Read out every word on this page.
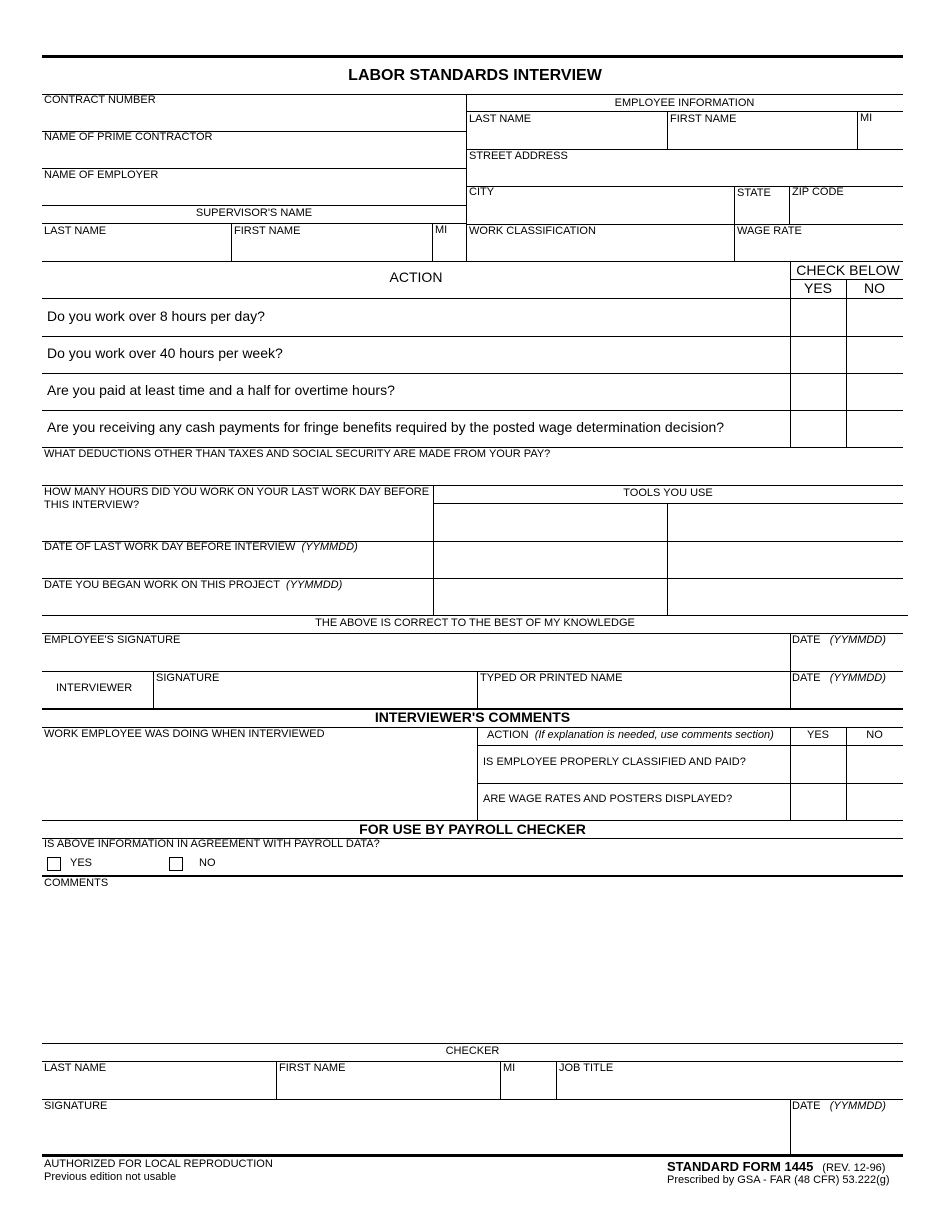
LABOR STANDARDS INTERVIEW
CONTRACT NUMBER
NAME OF PRIME CONTRACTOR
NAME OF EMPLOYER
SUPERVISOR'S NAME
LAST NAME	FIRST NAME	MI
EMPLOYEE INFORMATION
LAST NAME	FIRST NAME	MI
STREET ADDRESS
CITY	STATE ZIP CODE
WORK CLASSIFICATION	WAGE RATE
ACTION	CHECK BELOW
YES	NO
Do you work over 8 hours per day?
Do you work over 40 hours per week?
Are you paid at least time and a half for overtime hours?
Are you receiving any cash payments for fringe benefits required by the posted wage determination decision?
WHAT DEDUCTIONS OTHER THAN TAXES AND SOCIAL SECURITY ARE MADE FROM YOUR PAY?
HOW MANY HOURS DID YOU WORK ON YOUR LAST WORK DAY BEFORE
THIS INTERVIEW?
TOOLS YOU USE
DATE OF LAST WORK DAY BEFORE INTERVIEW (YYMMDD)
DATE YOU BEGAN WORK ON THIS PROJECT (YYMMDD)
THE ABOVE IS CORRECT TO THE BEST OF MY KNOWLEDGE
EMPLOYEE'S SIGNATURE	DATE (YYMMDD)
INTERVIEWER
SIGNATURE	TYPED OR PRINTED NAME	DATE (YYMMDD)
INTERVIEWER'S COMMENTS
WORK EMPLOYEE WAS DOING WHEN INTERVIEWED	ACTION (If explanation is needed, use comments section)	YES	NO
IS EMPLOYEE PROPERLY CLASSIFIED AND PAID?
ARE WAGE RATES AND POSTERS DISPLAYED?
FOR USE BY PAYROLL CHECKER
IS ABOVE INFORMATION IN AGREEMENT WITH PAYROLL DATA?
YES	NO
COMMENTS
CHECKER
LAST NAME	FIRST NAME	MI	JOB TITLE
SIGNATURE	DATE (YYMMDD)
AUTHORIZED FOR LOCAL REPRODUCTION
Previous edition not usable
STANDARD FORM 1445 (REV. 12-96)
Prescribed by GSA - FAR (48 CFR) 53.222(g)
